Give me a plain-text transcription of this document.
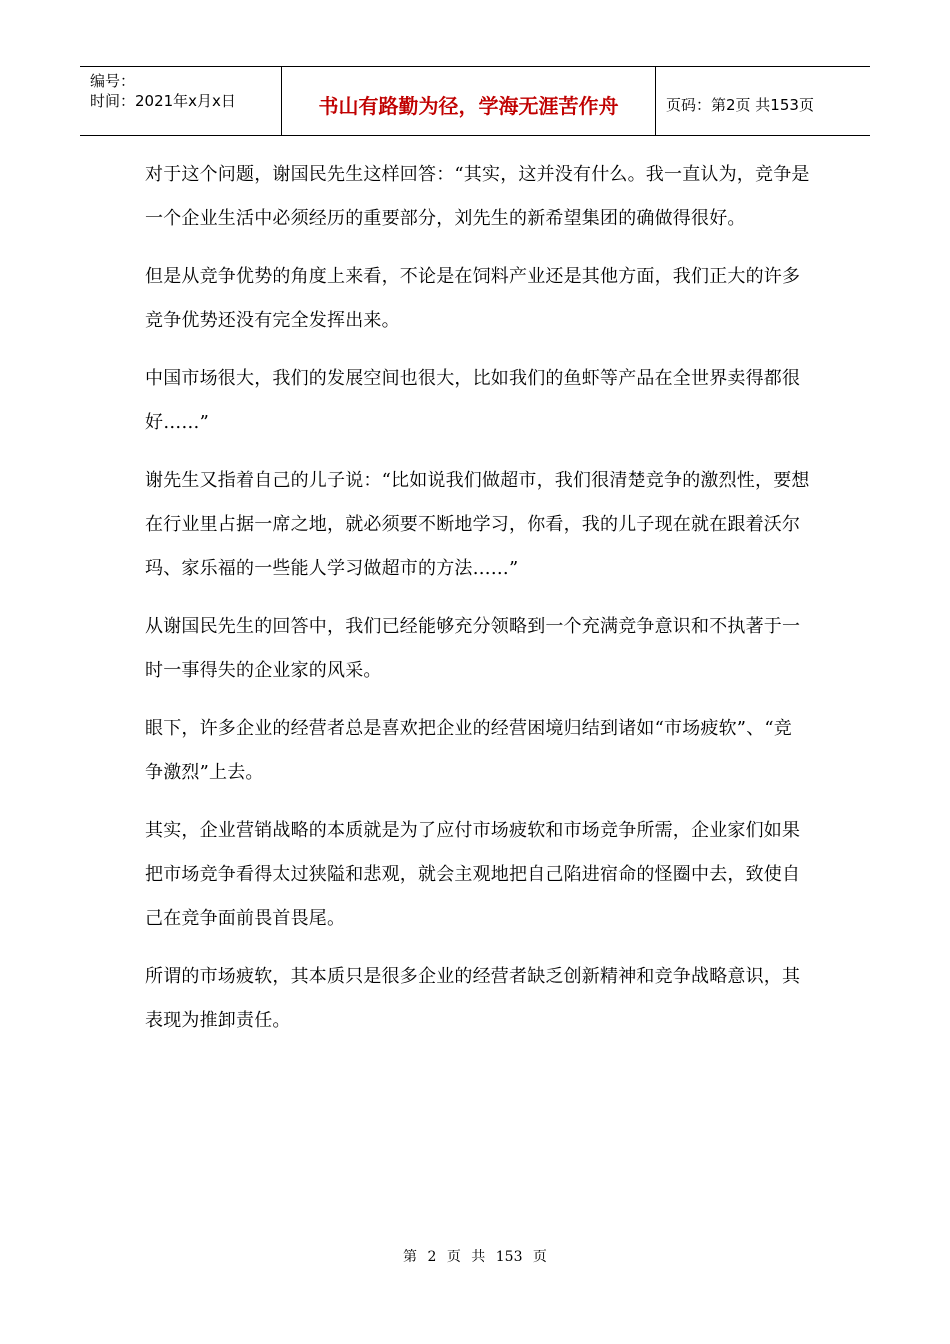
编号：
时间：2021年x月x日	书山有路勤为径，学海无涯苦作舟	页码：第2页 共153页

对于这个问题，谢国民先生这样回答：“其实，这并没有什么。我一直认为，竞争是一个企业生活中必须经历的重要部分，刘先生的新希望集团的确做得很好。

但是从竞争优势的角度上来看，不论是在饲料产业还是其他方面，我们正大的许多竞争优势还没有完全发挥出来。

中国市场很大，我们的发展空间也很大，比如我们的鱼虾等产品在全世界卖得都很好……”

谢先生又指着自己的儿子说：“比如说我们做超市，我们很清楚竞争的激烈性，要想在行业里占据一席之地，就必须要不断地学习，你看，我的儿子现在就在跟着沃尔玛、家乐福的一些能人学习做超市的方法……”

从谢国民先生的回答中，我们已经能够充分领略到一个充满竞争意识和不执著于一时一事得失的企业家的风采。

眼下，许多企业的经营者总是喜欢把企业的经营困境归结到诸如“市场疲软”、“竞争激烈”上去。

其实，企业营销战略的本质就是为了应付市场疲软和市场竞争所需，企业家们如果把市场竞争看得太过狭隘和悲观，就会主观地把自己陷进宿命的怪圈中去，致使自己在竞争面前畏首畏尾。

所谓的市场疲软，其本质只是很多企业的经营者缺乏创新精神和竞争战略意识，其表现为推卸责任。

第 2 页 共 153 页
